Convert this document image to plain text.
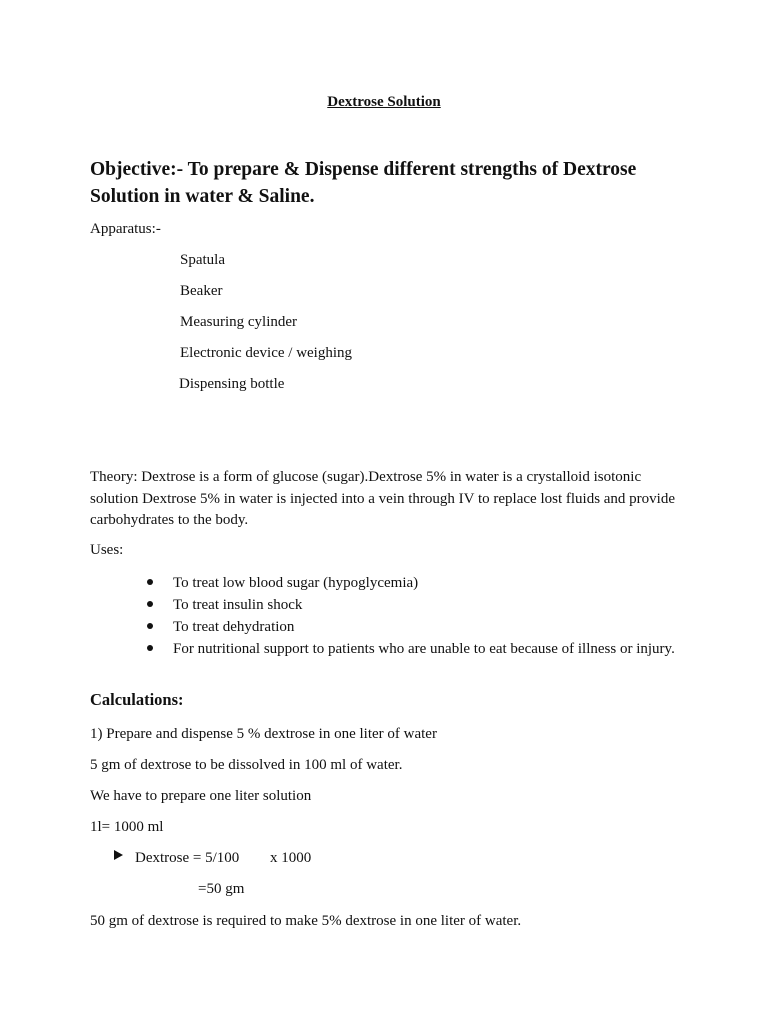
Dextrose Solution
Objective:- To prepare & Dispense different strengths of Dextrose Solution in water & Saline.
Apparatus:-
Spatula
Beaker
Measuring cylinder
Electronic device / weighing
Dispensing bottle
Theory: Dextrose is a form of glucose (sugar).Dextrose 5% in water is a crystalloid isotonic solution Dextrose 5% in water is injected into a vein through IV to replace lost fluids and provide carbohydrates to the body.
Uses:
To treat low blood sugar (hypoglycemia)
To treat insulin shock
To treat dehydration
For nutritional support to patients who are unable to eat because of illness or injury.
Calculations:
1) Prepare and dispense 5 % dextrose in one liter of water
5 gm of dextrose to be dissolved in 100 ml of water.
We have to prepare one liter solution
1l= 1000 ml
Dextrose = 5/100 x 1000
=50 gm
50 gm of dextrose is required to make 5% dextrose in one liter of water.
